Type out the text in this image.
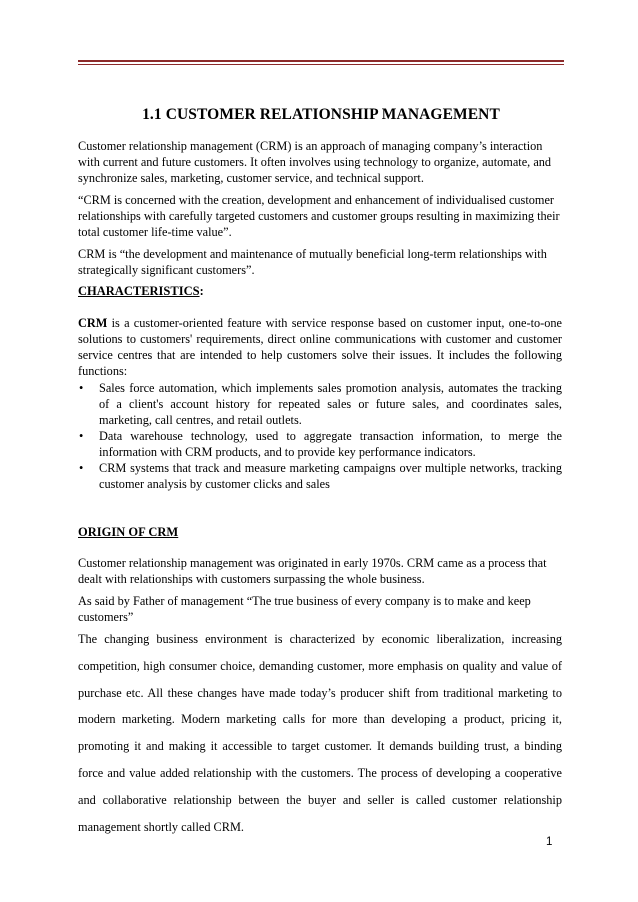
1.1 CUSTOMER RELATIONSHIP MANAGEMENT

Customer relationship management (CRM) is an approach of managing company’s interaction with current and future customers. It often involves using technology to organize, automate, and synchronize sales, marketing, customer service, and technical support.

“CRM is concerned with the creation, development and enhancement of individualised customer relationships with carefully targeted customers and customer groups resulting in maximizing their total customer life-time value”.

CRM is “the development and maintenance of mutually beneficial long-term relationships with strategically significant customers”.

CHARACTERISTICS:
CRM is a customer-oriented feature with service response based on customer input, one-to-one solutions to customers' requirements, direct online communications with customer and customer service centres that are intended to help customers solve their issues. It includes the following functions:
• Sales force automation, which implements sales promotion analysis, automates the tracking of a client's account history for repeated sales or future sales, and coordinates sales, marketing, call centres, and retail outlets.
• Data warehouse technology, used to aggregate transaction information, to merge the information with CRM products, and to provide key performance indicators.
• CRM systems that track and measure marketing campaigns over multiple networks, tracking customer analysis by customer clicks and sales
ORIGIN OF CRM

Customer relationship management was originated in early 1970s. CRM came as a process that dealt with relationships with customers surpassing the whole business.

As said by Father of management “The true business of every company is to make and keep customers”

The changing business environment is characterized by economic liberalization, increasing competition, high consumer choice, demanding customer, more emphasis on quality and value of purchase etc. All these changes have made today’s producer shift from traditional marketing to modern marketing. Modern marketing calls for more than developing a product, pricing it, promoting it and making it accessible to target customer. It demands building trust, a binding force and value added relationship with the customers. The process of developing a cooperative and collaborative relationship between the buyer and seller is called customer relationship management shortly called CRM.

1
